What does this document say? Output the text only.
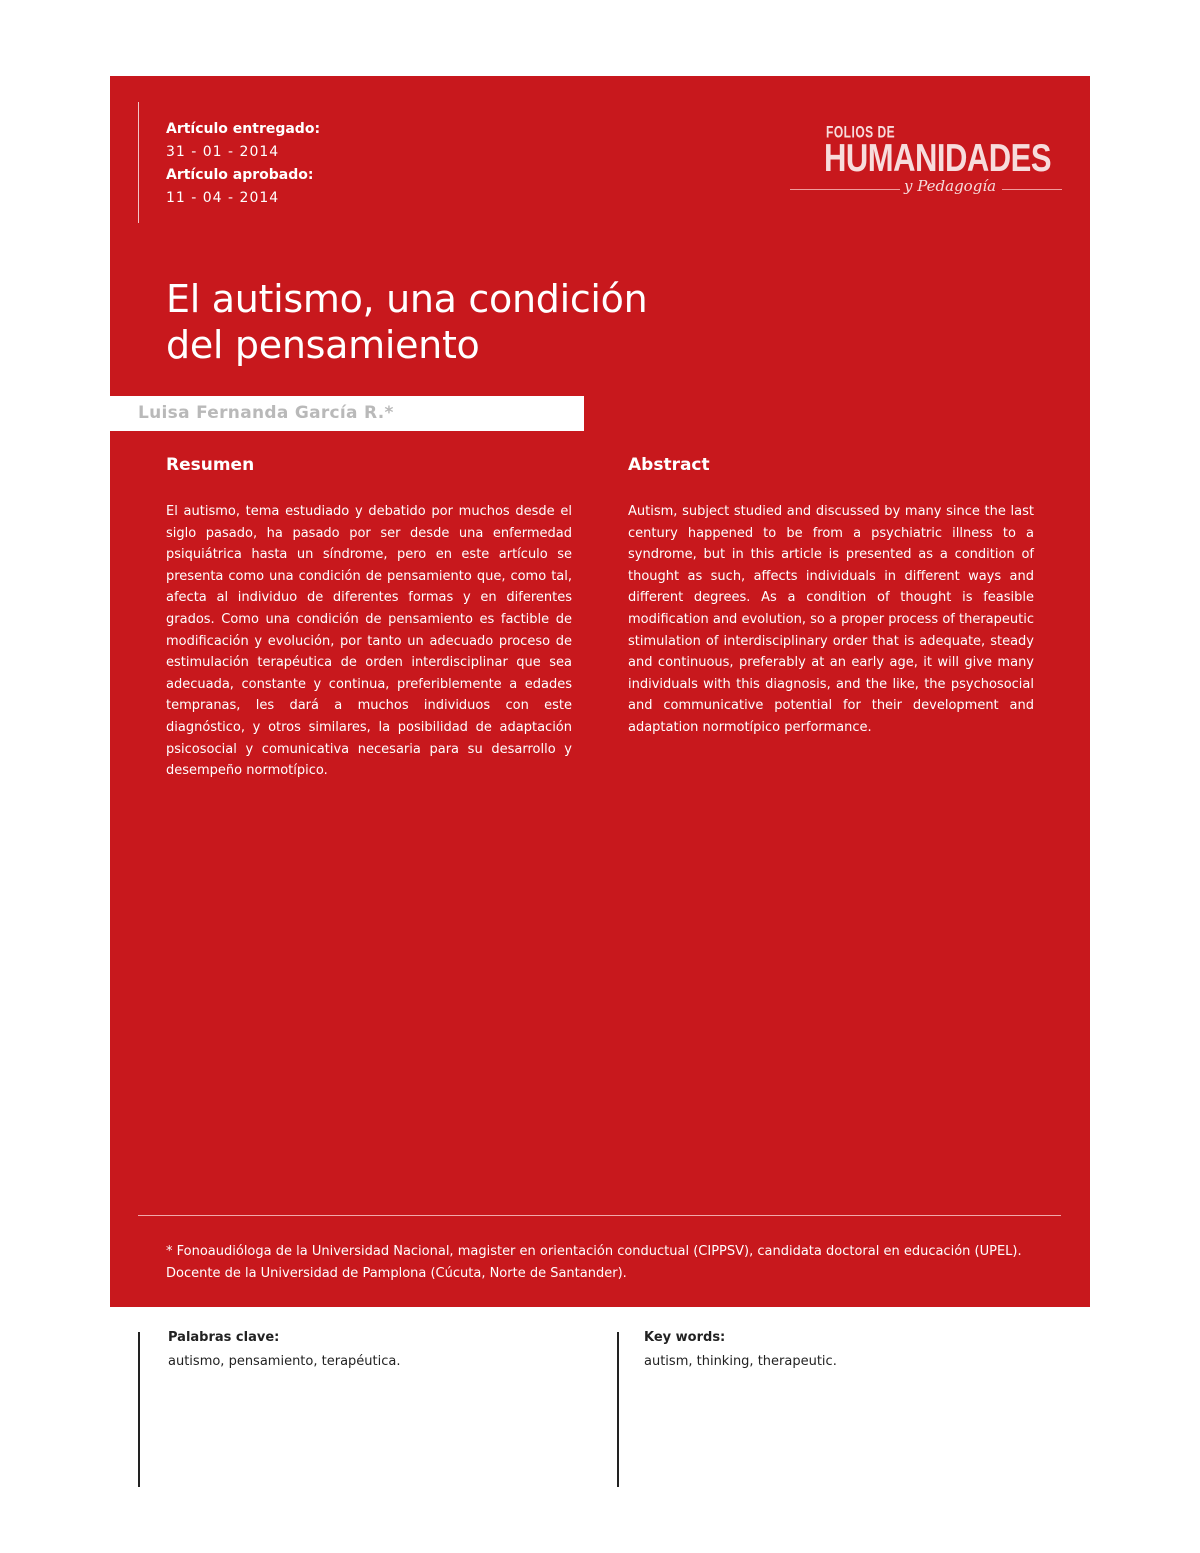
Artículo entregado:
31 - 01 - 2014
Artículo aprobado:
11 - 04 - 2014
FOLIOS DE
HUMANIDADES
y Pedagogía
El autismo, una condición
del pensamiento
Luisa Fernanda García R.*
Resumen

El autismo, tema estudiado y debatido por muchos desde el siglo pasado, ha pasado por ser desde una enfermedad psiquiátrica hasta un síndrome, pero en este artículo se presenta como una condición de pensamiento que, como tal, afecta al individuo de diferentes formas y en diferentes grados. Como una condición de pensamiento es factible de modificación y evolución, por tanto un adecuado proceso de estimulación terapéutica de orden interdisciplinar que sea adecuada, constante y continua, preferiblemente a edades tempranas, les dará a muchos individuos con este diagnóstico, y otros similares, la posibilidad de adaptación psicosocial y comunicativa necesaria para su desarrollo y desempeño normotípico.

Abstract

Autism, subject studied and discussed by many since the last century happened to be from a psychiatric illness to a syndrome, but in this article is presented as a condition of thought as such, affects individuals in different ways and different degrees. As a condition of thought is feasible modification and evolution, so a proper process of therapeutic stimulation of interdisciplinary order that is adequate, steady and continuous, preferably at an early age, it will give many individuals with this diagnosis, and the like, the psychosocial and communicative potential for their development and adaptation normotípico performance.

* Fonoaudióloga de la Universidad Nacional, magister en orientación conductual (CIPPSV), candidata doctoral en educación (UPEL). Docente de la Universidad de Pamplona (Cúcuta, Norte de Santander).

Palabras clave:
autismo, pensamiento, terapéutica.
Key words:
autism, thinking, therapeutic.
